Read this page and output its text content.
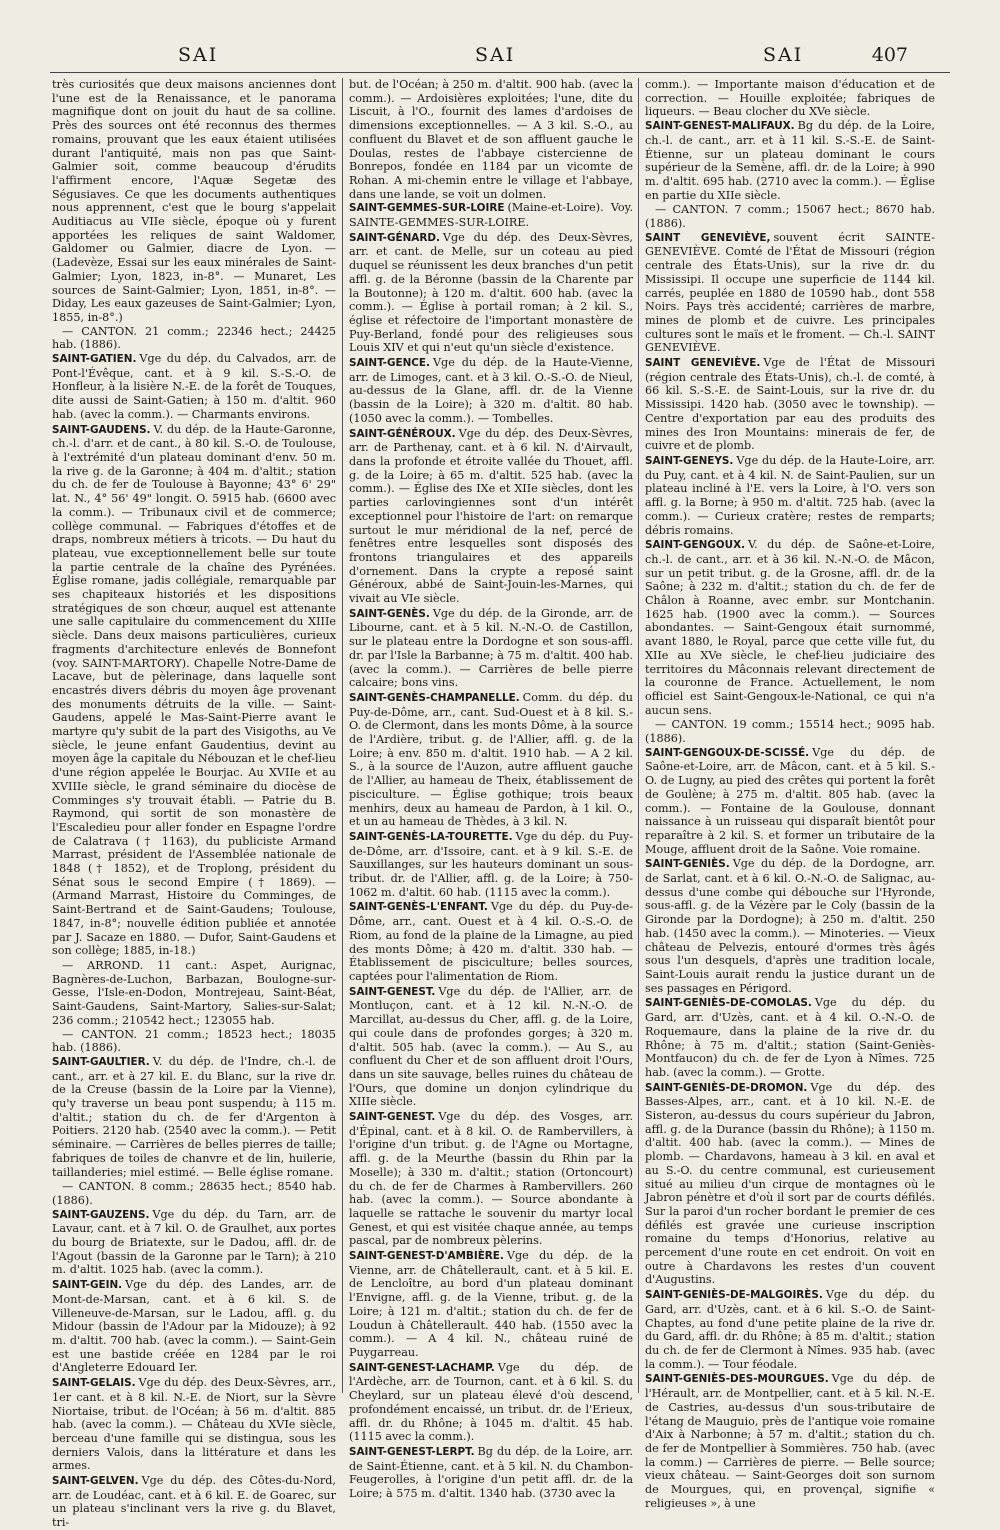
SAI	SAI	SAI	407

très curiosités que deux maisons anciennes dont l'une est de la Renaissance, et le panorama magnifique dont on jouit du haut de sa colline. Près des sources ont été reconnus des thermes romains, prouvant que les eaux étaient utilisées durant l'antiquité, mais non pas que Saint-Galmier soit, comme beaucoup d'érudits l'affirment encore, l'Aquæ Segetæ des Ségusiaves. Ce que les documents authentiques nous apprennent, c'est que le bourg s'appelait Auditiacus au VIIe siècle, époque où y furent apportées les reliques de saint Waldomer, Galdomer ou Galmier, diacre de Lyon. — (Ladevèze, Essai sur les eaux minérales de Saint-Galmier; Lyon, 1823, in-8°. — Munaret, Les sources de Saint-Galmier; Lyon, 1851, in-8°. — Diday, Les eaux gazeuses de Saint-Galmier; Lyon, 1855, in-8°.)

— CANTON. 21 comm.; 22346 hect.; 24425 hab. (1886).

SAINT-GATIEN. Vge du dép. du Calvados, arr. de Pont-l'Évêque, cant. et à 9 kil. S.-S.-O. de Honfleur, à la lisière N.-E. de la forêt de Touques, dite aussi de Saint-Gatien; à 150 m. d'altit. 960 hab. (avec la comm.). — Charmants environs.

SAINT-GAUDENS. V. du dép. de la Haute-Garonne, ch.-l. d'arr. et de cant., à 80 kil. S.-O. de Toulouse, à l'extrémité d'un plateau dominant d'env. 50 m. la rive g. de la Garonne; à 404 m. d'altit.; station du ch. de fer de Toulouse à Bayonne; 43° 6' 29" lat. N., 4° 56' 49" longit. O. 5915 hab. (6600 avec la comm.). — Tribunaux civil et de commerce; collège communal. — Fabriques d'étoffes et de draps, nombreux métiers à tricots. — Du haut du plateau, vue exceptionnellement belle sur toute la partie centrale de la chaîne des Pyrénées. Église romane, jadis collégiale, remarquable par ses chapiteaux historiés et les dispositions stratégiques de son chœur, auquel est attenante une salle capitulaire du commencement du XIIIe siècle. Dans deux maisons particulières, curieux fragments d'architecture enlevés de Bonnefont (voy. SAINT-MARTORY). Chapelle Notre-Dame de Lacave, but de pèlerinage, dans laquelle sont encastrés divers débris du moyen âge provenant des monuments détruits de la ville. — Saint-Gaudens, appelé le Mas-Saint-Pierre avant le martyre qu'y subit de la part des Visigoths, au Ve siècle, le jeune enfant Gaudentius, devint au moyen âge la capitale du Nébouzan et le chef-lieu d'une région appelée le Bourjac. Au XVIIe et au XVIIIe siècle, le grand séminaire du diocèse de Comminges s'y trouvait établi. — Patrie du B. Raymond, qui sortit de son monastère de l'Escaledieu pour aller fonder en Espagne l'ordre de Calatrava († 1163), du publiciste Armand Marrast, président de l'Assemblée nationale de 1848 († 1852), et de Troplong, président du Sénat sous le second Empire († 1869). — (Armand Marrast, Histoire du Comminges, de Saint-Bertrand et de Saint-Gaudens; Toulouse, 1847, in-8°; nouvelle édition publiée et annotée par J. Sacaze en 1880. — Dufor, Saint-Gaudens et son collège; 1885, in-18.)

— ARROND. 11 cant.: Aspet, Aurignac, Bagnères-de-Luchon, Barbazan, Boulogne-sur-Gesse, l'Isle-en-Dodon, Montrejeau, Saint-Béat, Saint-Gaudens, Saint-Martory, Salies-sur-Salat; 236 comm.; 210542 hect.; 123055 hab.

— CANTON. 21 comm.; 18523 hect.; 18035 hab. (1886).

SAINT-GAULTIER. V. du dép. de l'Indre, ch.-l. de cant., arr. et à 27 kil. E. du Blanc, sur la rive dr. de la Creuse (bassin de la Loire par la Vienne), qu'y traverse un beau pont suspendu; à 115 m. d'altit.; station du ch. de fer d'Argenton à Poitiers. 2120 hab. (2540 avec la comm.). — Petit séminaire. — Carrières de belles pierres de taille; fabriques de toiles de chanvre et de lin, huilerie, taillanderies; miel estimé. — Belle église romane.

— CANTON. 8 comm.; 28635 hect.; 8540 hab. (1886).

SAINT-GAUZENS. Vge du dép. du Tarn, arr. de Lavaur, cant. et à 7 kil. O. de Graulhet, aux portes du bourg de Briatexte, sur le Dadou, affl. dr. de l'Agout (bassin de la Garonne par le Tarn); à 210 m. d'altit. 1025 hab. (avec la comm.).

SAINT-GEIN. Vge du dép. des Landes, arr. de Mont-de-Marsan, cant. et à 6 kil. S. de Villeneuve-de-Marsan, sur le Ladou, affl. g. du Midour (bassin de l'Adour par la Midouze); à 92 m. d'altit. 700 hab. (avec la comm.). — Saint-Gein est une bastide créée en 1284 par le roi d'Angleterre Edouard Ier.

SAINT-GELAIS. Vge du dép. des Deux-Sèvres, arr., 1er cant. et à 8 kil. N.-E. de Niort, sur la Sèvre Niortaise, tribut. de l'Océan; à 56 m. d'altit. 885 hab. (avec la comm.). — Château du XVIe siècle, berceau d'une famille qui se distingua, sous les derniers Valois, dans la littérature et dans les armes.

SAINT-GELVEN. Vge du dép. des Côtes-du-Nord, arr. de Loudéac, cant. et à 6 kil. E. de Goarec, sur un plateau s'inclinant vers la rive g. du Blavet, tri-

but. de l'Océan; à 250 m. d'altit. 900 hab. (avec la comm.). — Ardoisières exploitées; l'une, dite du Liscuit, à l'O., fournit des lames d'ardoises de dimensions exceptionnelles. — A 3 kil. S.-O., au confluent du Blavet et de son affluent gauche le Doulas, restes de l'abbaye cistercienne de Bonrepos, fondée en 1184 par un vicomte de Rohan. A mi-chemin entre le village et l'abbaye, dans une lande, se voit un dolmen.

SAINT-GEMMES-SUR-LOIRE (Maine-et-Loire). Voy. SAINTE-GEMMES-SUR-LOIRE.

SAINT-GÉNARD. Vge du dép. des Deux-Sèvres, arr. et cant. de Melle, sur un coteau au pied duquel se réunissent les deux branches d'un petit affl. g. de la Béronne (bassin de la Charente par la Boutonne); à 120 m. d'altit. 600 hab. (avec la comm.). — Église à portail roman; à 2 kil. S., église et réfectoire de l'important monastère de Puy-Berland, fondé pour des religieuses sous Louis XIV et qui n'eut qu'un siècle d'existence.

SAINT-GENCE. Vge du dép. de la Haute-Vienne, arr. de Limoges, cant. et à 3 kil. O.-S.-O. de Nieul, au-dessus de la Glane, affl. dr. de la Vienne (bassin de la Loire); à 320 m. d'altit. 80 hab. (1050 avec la comm.). — Tombelles.

SAINT-GÉNÉROUX. Vge du dép. des Deux-Sèvres, arr. de Parthenay, cant. et à 6 kil. N. d'Airvault, dans la profonde et étroite vallée du Thouet, affl. g. de la Loire; à 65 m. d'altit. 525 hab. (avec la comm.). — Église des IXe et XIIe siècles, dont les parties carlovingiennes sont d'un intérêt exceptionnel pour l'histoire de l'art: on remarque surtout le mur méridional de la nef, percé de fenêtres entre lesquelles sont disposés des frontons triangulaires et des appareils d'ornement. Dans la crypte a reposé saint Généroux, abbé de Saint-Jouin-les-Marnes, qui vivait au VIe siècle.

SAINT-GENÈS. Vge du dép. de la Gironde, arr. de Libourne, cant. et à 5 kil. N.-N.-O. de Castillon, sur le plateau entre la Dordogne et son sous-affl. dr. par l'Isle la Barbanne; à 75 m. d'altit. 400 hab. (avec la comm.). — Carrières de belle pierre calcaire; bons vins.

SAINT-GENÈS-CHAMPANELLE. Comm. du dép. du Puy-de-Dôme, arr., cant. Sud-Ouest et à 8 kil. S.-O. de Clermont, dans les monts Dôme, à la source de l'Ardière, tribut. g. de l'Allier, affl. g. de la Loire; à env. 850 m. d'altit. 1910 hab. — A 2 kil. S., à la source de l'Auzon, autre affluent gauche de l'Allier, au hameau de Theix, établissement de pisciculture. — Église gothique; trois beaux menhirs, deux au hameau de Pardon, à 1 kil. O., et un au hameau de Thèdes, à 3 kil. N.

SAINT-GENÈS-LA-TOURETTE. Vge du dép. du Puy-de-Dôme, arr. d'Issoire, cant. et à 9 kil. S.-E. de Sauxillanges, sur les hauteurs dominant un sous-tribut. dr. de l'Allier, affl. g. de la Loire; à 750-1062 m. d'altit. 60 hab. (1115 avec la comm.).

SAINT-GENÈS-L'ENFANT. Vge du dép. du Puy-de-Dôme, arr., cant. Ouest et à 4 kil. O.-S.-O. de Riom, au fond de la plaine de la Limagne, au pied des monts Dôme; à 420 m. d'altit. 330 hab. — Établissement de pisciculture; belles sources, captées pour l'alimentation de Riom.

SAINT-GENEST. Vge du dép. de l'Allier, arr. de Montluçon, cant. et à 12 kil. N.-N.-O. de Marcillat, au-dessus du Cher, affl. g. de la Loire, qui coule dans de profondes gorges; à 320 m. d'altit. 505 hab. (avec la comm.). — Au S., au confluent du Cher et de son affluent droit l'Ours, dans un site sauvage, belles ruines du château de l'Ours, que domine un donjon cylindrique du XIIIe siècle.

SAINT-GENEST. Vge du dép. des Vosges, arr. d'Épinal, cant. et à 8 kil. O. de Rambervillers, à l'origine d'un tribut. g. de l'Agne ou Mortagne, affl. g. de la Meurthe (bassin du Rhin par la Moselle); à 330 m. d'altit.; station (Ortoncourt) du ch. de fer de Charmes à Rambervillers. 260 hab. (avec la comm.). — Source abondante à laquelle se rattache le souvenir du martyr local Genest, et qui est visitée chaque année, au temps pascal, par de nombreux pèlerins.

SAINT-GENEST-D'AMBIÈRE. Vge du dép. de la Vienne, arr. de Châtellerault, cant. et à 5 kil. E. de Lencloître, au bord d'un plateau dominant l'Envigne, affl. g. de la Vienne, tribut. g. de la Loire; à 121 m. d'altit.; station du ch. de fer de Loudun à Châtellerault. 440 hab. (1550 avec la comm.). — A 4 kil. N., château ruiné de Puygarreau.

SAINT-GENEST-LACHAMP. Vge du dép. de l'Ardèche, arr. de Tournon, cant. et à 6 kil. S. du Cheylard, sur un plateau élevé d'où descend, profondément encaissé, un tribut. dr. de l'Erieux, affl. dr. du Rhône; à 1045 m. d'altit. 45 hab. (1115 avec la comm.).

SAINT-GENEST-LERPT. Bg du dép. de la Loire, arr. de Saint-Étienne, cant. et à 5 kil. N. du Chambon-Feugerolles, à l'origine d'un petit affl. dr. de la Loire; à 575 m. d'altit. 1340 hab. (3730 avec la

comm.). — Importante maison d'éducation et de correction. — Houille exploitée; fabriques de liqueurs. — Beau clocher du XVe siècle.

SAINT-GENEST-MALIFAUX. Bg du dép. de la Loire, ch.-l. de cant., arr. et à 11 kil. S.-S.-E. de Saint-Étienne, sur un plateau dominant le cours supérieur de la Semène, affl. dr. de la Loire; à 990 m. d'altit. 695 hab. (2710 avec la comm.). — Église en partie du XIIe siècle.

— CANTON. 7 comm.; 15067 hect.; 8670 hab. (1886).

SAINT GENEVIÈVE, souvent écrit SAINTE-GENEVIÈVE. Comté de l'État de Missouri (région centrale des États-Unis), sur la rive dr. du Mississipi. Il occupe une superficie de 1144 kil. carrés, peuplée en 1880 de 10590 hab., dont 558 Noirs. Pays très accidenté; carrières de marbre, mines de plomb et de cuivre. Les principales cultures sont le maïs et le froment. — Ch.-l. SAINT GENEVIÈVE.

SAINT GENEVIÈVE. Vge de l'État de Missouri (région centrale des États-Unis), ch.-l. de comté, à 66 kil. S.-S.-E. de Saint-Louis, sur la rive dr. du Mississipi. 1420 hab. (3050 avec le township). — Centre d'exportation par eau des produits des mines des Iron Mountains: minerais de fer, de cuivre et de plomb.

SAINT-GENEYS. Vge du dép. de la Haute-Loire, arr. du Puy, cant. et à 4 kil. N. de Saint-Paulien, sur un plateau incliné à l'E. vers la Loire, à l'O. vers son affl. g. la Borne; à 950 m. d'altit. 725 hab. (avec la comm.). — Curieux cratère; restes de remparts; débris romains.

SAINT-GENGOUX. V. du dép. de Saône-et-Loire, ch.-l. de cant., arr. et à 36 kil. N.-N.-O. de Mâcon, sur un petit tribut. g. de la Grosne, affl. dr. de la Saône; à 232 m. d'altit.; station du ch. de fer de Châlon à Roanne, avec embr. sur Montchanin. 1625 hab. (1900 avec la comm.). — Sources abondantes. — Saint-Gengoux était surnommé, avant 1880, le Royal, parce que cette ville fut, du XIIe au XVe siècle, le chef-lieu judiciaire des territoires du Mâconnais relevant directement de la couronne de France. Actuellement, le nom officiel est Saint-Gengoux-le-National, ce qui n'a aucun sens.

— CANTON. 19 comm.; 15514 hect.; 9095 hab. (1886).

SAINT-GENGOUX-DE-SCISSÉ. Vge du dép. de Saône-et-Loire, arr. de Mâcon, cant. et à 5 kil. S.-O. de Lugny, au pied des crêtes qui portent la forêt de Goulène; à 275 m. d'altit. 805 hab. (avec la comm.). — Fontaine de la Goulouse, donnant naissance à un ruisseau qui disparaît bientôt pour reparaître à 2 kil. S. et former un tributaire de la Mouge, affluent droit de la Saône. Voie romaine.

SAINT-GENIÈS. Vge du dép. de la Dordogne, arr. de Sarlat, cant. et à 6 kil. O.-N.-O. de Salignac, au-dessus d'une combe qui débouche sur l'Hyronde, sous-affl. g. de la Vézère par le Coly (bassin de la Gironde par la Dordogne); à 250 m. d'altit. 250 hab. (1450 avec la comm.). — Minoteries. — Vieux château de Pelvezis, entouré d'ormes très âgés sous l'un desquels, d'après une tradition locale, Saint-Louis aurait rendu la justice durant un de ses passages en Périgord.

SAINT-GENIÈS-DE-COMOLAS. Vge du dép. du Gard, arr. d'Uzès, cant. et à 4 kil. O.-N.-O. de Roquemaure, dans la plaine de la rive dr. du Rhône; à 75 m. d'altit.; station (Saint-Geniès-Montfaucon) du ch. de fer de Lyon à Nîmes. 725 hab. (avec la comm.). — Grotte.

SAINT-GENIÈS-DE-DROMON. Vge du dép. des Basses-Alpes, arr., cant. et à 10 kil. N.-E. de Sisteron, au-dessus du cours supérieur du Jabron, affl. g. de la Durance (bassin du Rhône); à 1150 m. d'altit. 400 hab. (avec la comm.). — Mines de plomb. — Chardavons, hameau à 3 kil. en aval et au S.-O. du centre communal, est curieusement situé au milieu d'un cirque de montagnes où le Jabron pénètre et d'où il sort par de courts défilés. Sur la paroi d'un rocher bordant le premier de ces défilés est gravée une curieuse inscription romaine du temps d'Honorius, relative au percement d'une route en cet endroit. On voit en outre à Chardavons les restes d'un couvent d'Augustins.

SAINT-GENIÈS-DE-MALGOIRÈS. Vge du dép. du Gard, arr. d'Uzès, cant. et à 6 kil. S.-O. de Saint-Chaptes, au fond d'une petite plaine de la rive dr. du Gard, affl. dr. du Rhône; à 85 m. d'altit.; station du ch. de fer de Clermont à Nîmes. 935 hab. (avec la comm.). — Tour féodale.

SAINT-GENIÈS-DES-MOURGUES. Vge du dép. de l'Hérault, arr. de Montpellier, cant. et à 5 kil. N.-E. de Castries, au-dessus d'un sous-tributaire de l'étang de Mauguio, près de l'antique voie romaine d'Aix à Narbonne; à 57 m. d'altit.; station du ch. de fer de Montpellier à Sommières. 750 hab. (avec la comm.) — Carrières de pierre. — Belle source; vieux château. — Saint-Georges doit son surnom de Mourgues, qui, en provençal, signifie « religieuses », à une
